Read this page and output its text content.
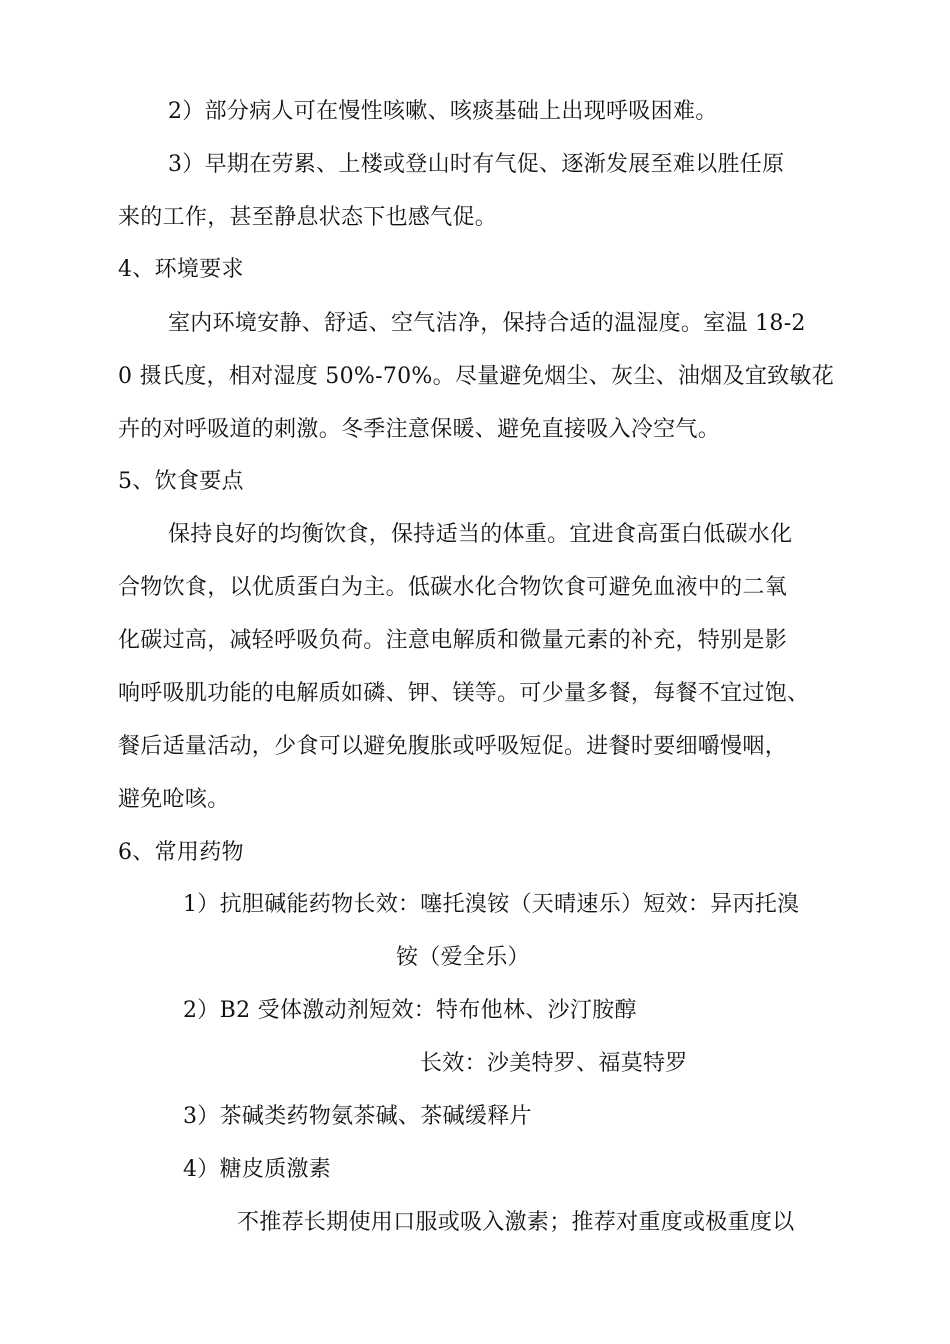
2）部分病人可在慢性咳嗽、咳痰基础上出现呼吸困难。
3）早期在劳累、上楼或登山时有气促、逐渐发展至难以胜任原
来的工作，甚至静息状态下也感气促。
4、环境要求
室内环境安静、舒适、空气洁净，保持合适的温湿度。室温 18-2
0 摄氏度，相对湿度 50%-70%。尽量避免烟尘、灰尘、油烟及宜致敏花
卉的对呼吸道的刺激。冬季注意保暖、避免直接吸入冷空气。
5、饮食要点
保持良好的均衡饮食，保持适当的体重。宜进食高蛋白低碳水化
合物饮食，以优质蛋白为主。低碳水化合物饮食可避免血液中的二氧
化碳过高，减轻呼吸负荷。注意电解质和微量元素的补充，特别是影
响呼吸肌功能的电解质如磷、钾、镁等。可少量多餐，每餐不宜过饱、
餐后适量活动，少食可以避免腹胀或呼吸短促。进餐时要细嚼慢咽，
避免呛咳。
6、常用药物
1）抗胆碱能药物长效：噻托溴铵（天晴速乐）短效：异丙托溴
铵（爱全乐）
2）B2 受体激动剂短效：特布他林、沙汀胺醇
长效：沙美特罗、福莫特罗
3）茶碱类药物氨茶碱、茶碱缓释片
4）糖皮质激素
不推荐长期使用口服或吸入激素；推荐对重度或极重度以
